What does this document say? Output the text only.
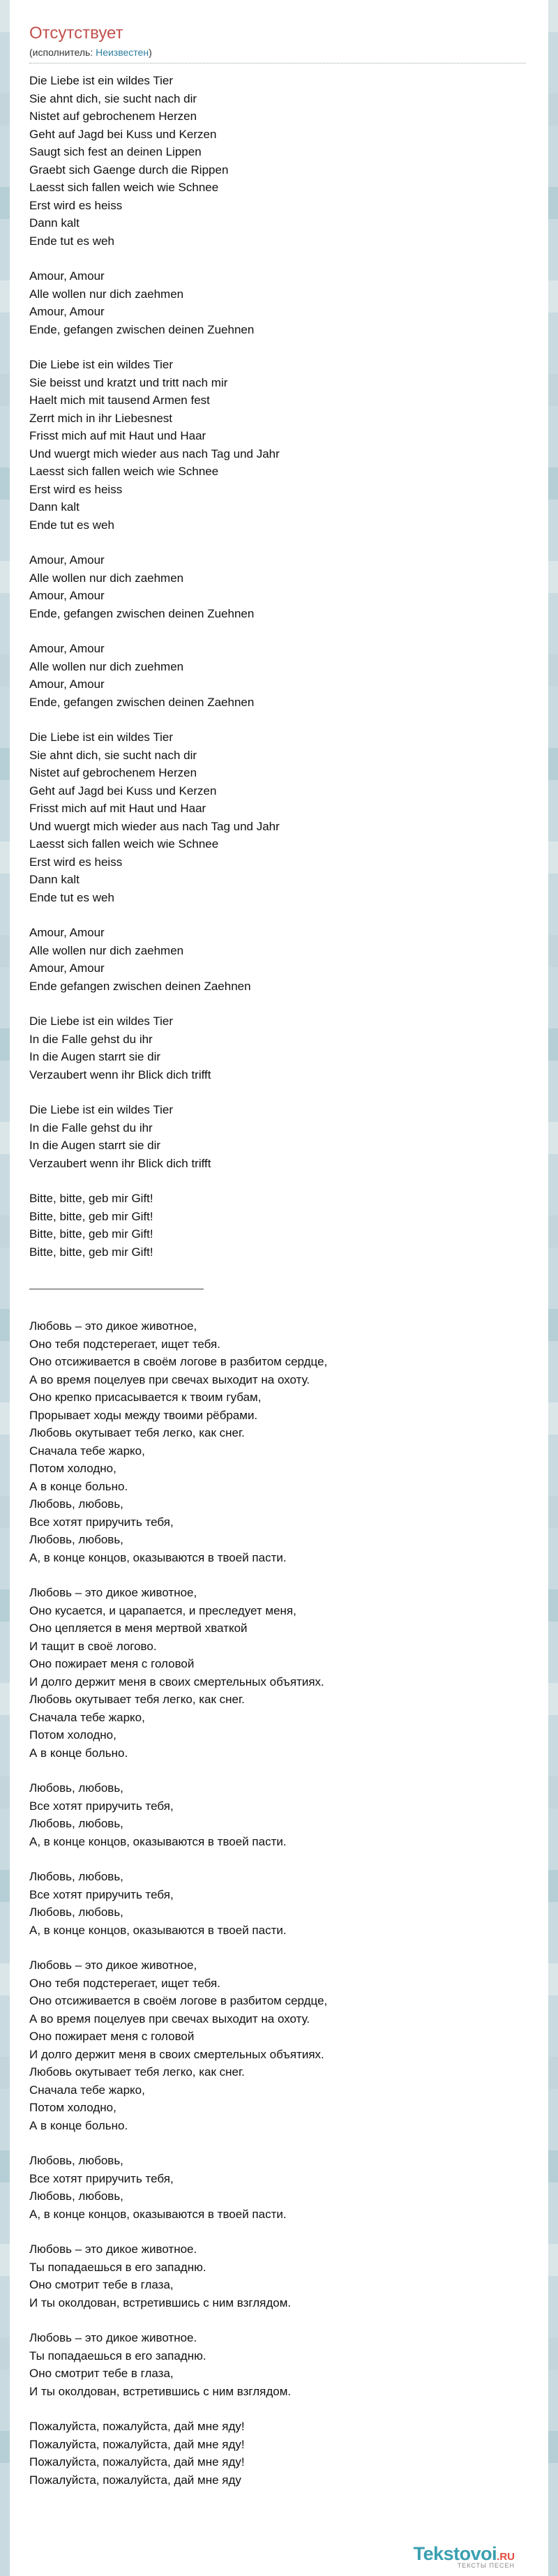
Отсутствует
(исполнитель: Неизвестен)
Die Liebe ist ein wildes Tier
Sie ahnt dich, sie sucht nach dir
Nistet auf gebrochenem Herzen
Geht auf Jagd bei Kuss und Kerzen
Saugt sich fest an deinen Lippen
Graebt sich Gaenge durch die Rippen
Laesst sich fallen weich wie Schnee
Erst wird es heiss
Dann kalt
Ende tut es weh
Amour, Amour
Alle wollen nur dich zaehmen
Amour, Amour
Ende, gefangen zwischen deinen Zuehnen
Die Liebe ist ein wildes Tier
Sie beisst und kratzt und tritt nach mir
Haelt mich mit tausend Armen fest
Zerrt mich in ihr Liebesnest
Frisst mich auf mit Haut und Haar
Und wuergt mich wieder aus nach Tag und Jahr
Laesst sich fallen weich wie Schnee
Erst wird es heiss
Dann kalt
Ende tut es weh
Amour, Amour
Alle wollen nur dich zaehmen
Amour, Amour
Ende, gefangen zwischen deinen Zuehnen
Amour, Amour
Alle wollen nur dich zuehmen
Amour, Amour
Ende, gefangen zwischen deinen Zaehnen
Die Liebe ist ein wildes Tier
Sie ahnt dich, sie sucht nach dir
Nistet auf gebrochenem Herzen
Geht auf Jagd bei Kuss und Kerzen
Frisst mich auf mit Haut und Haar
Und wuergt mich wieder aus nach Tag und Jahr
Laesst sich fallen weich wie Schnee
Erst wird es heiss
Dann kalt
Ende tut es weh
Amour, Amour
Alle wollen nur dich zaehmen
Amour, Amour
Ende gefangen zwischen deinen Zaehnen
Die Liebe ist ein wildes Tier
In die Falle gehst du ihr
In die Augen starrt sie dir
Verzaubert wenn ihr Blick dich trifft
Die Liebe ist ein wildes Tier
In die Falle gehst du ihr
In die Augen starrt sie dir
Verzaubert wenn ihr Blick dich trifft
Bitte, bitte, geb mir Gift!
Bitte, bitte, geb mir Gift!
Bitte, bitte, geb mir Gift!
Bitte, bitte, geb mir Gift!
Любовь – это дикое животное,
Оно тебя подстерегает, ищет тебя.
Оно отсиживается в своём логове в разбитом сердце,
А во время поцелуев при свечах выходит на охоту.
Оно крепко присасывается к твоим губам,
Прорывает ходы между твоими рёбрами.
Любовь окутывает тебя легко, как снег.
Сначала тебе жарко,
Потом холодно,
А в конце больно.
Любовь, любовь,
Все хотят приручить тебя,
Любовь, любовь,
А, в конце концов, оказываются в твоей пасти.
Любовь – это дикое животное,
Оно кусается, и царапается, и преследует меня,
Оно цепляется в меня мертвой хваткой
И тащит в своё логово.
Оно пожирает меня с головой
И долго держит меня в своих смертельных объятиях.
Любовь окутывает тебя легко, как снег.
Сначала тебе жарко,
Потом холодно,
А в конце больно.
Любовь, любовь,
Все хотят приручить тебя,
Любовь, любовь,
А, в конце концов, оказываются в твоей пасти.
Любовь, любовь,
Все хотят приручить тебя,
Любовь, любовь,
А, в конце концов, оказываются в твоей пасти.
Любовь – это дикое животное,
Оно тебя подстерегает, ищет тебя.
Оно отсиживается в своём логове в разбитом сердце,
А во время поцелуев при свечах выходит на охоту.
Оно пожирает меня с головой
И долго держит меня в своих смертельных объятиях.
Любовь окутывает тебя легко, как снег.
Сначала тебе жарко,
Потом холодно,
А в конце больно.
Любовь, любовь,
Все хотят приручить тебя,
Любовь, любовь,
А, в конце концов, оказываются в твоей пасти.
Любовь – это дикое животное.
Ты попадаешься в его западню.
Оно смотрит тебе в глаза,
И ты околдован, встретившись с ним взглядом.
Любовь – это дикое животное.
Ты попадаешься в его западню.
Оно смотрит тебе в глаза,
И ты околдован, встретившись с ним взглядом.
Пожалуйста, пожалуйста, дай мне яду!
Пожалуйста, пожалуйста, дай мне яду!
Пожалуйста, пожалуйста, дай мне яду!
Пожалуйста, пожалуйста, дай мне яду
Tekstovoi.RU
ТЕКСТЫ ПЕСЕН
